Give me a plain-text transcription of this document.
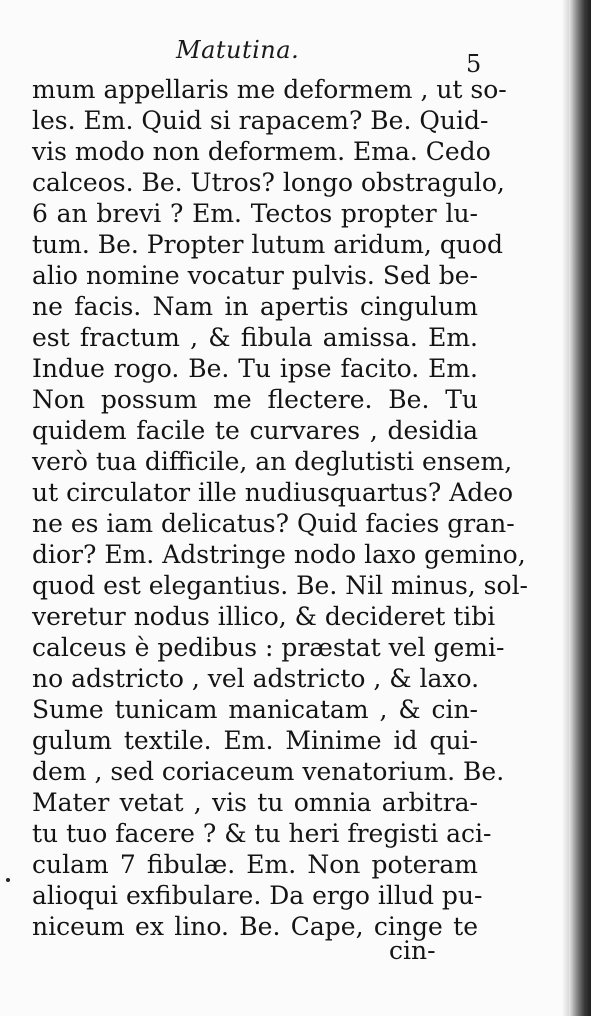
Matutina.	5
mum appellaris me deformem , ut so-
les. Em. Quid si rapacem? Be. Quid-
vis modo non deformem. Ema. Cedo
calceos. Be. Utros? longo obstragulo,
6 an brevi ? Em. Tectos propter lu-
tum. Be. Propter lutum aridum, quod
alio nomine vocatur pulvis. Sed be-
ne facis. Nam in apertis cingulum
est fractum , & fibula amissa. Em.
Indue rogo. Be. Tu ipse facito. Em.
Non possum me flectere. Be. Tu
quidem facile te curvares , desidia
verò tua difficile, an deglutisti ensem,
ut circulator ille nudiusquartus? Adeo
ne es iam delicatus? Quid facies gran-
dior? Em. Adstringe nodo laxo gemino,
quod est elegantius. Be. Nil minus, sol-
veretur nodus illico, & decideret tibi
calceus è pedibus : præstat vel gemi-
no adstricto , vel adstricto , & laxo.
Sume tunicam manicatam , & cin-
gulum textile. Em. Minime id qui-
dem , sed coriaceum venatorium. Be.
Mater vetat , vis tu omnia arbitra-
tu tuo facere ? & tu heri fregisti aci-
culam 7 fibulæ. Em. Non poteram
alioqui exfibulare. Da ergo illud pu-
niceum ex lino. Be. Cape, cinge te
cin-
